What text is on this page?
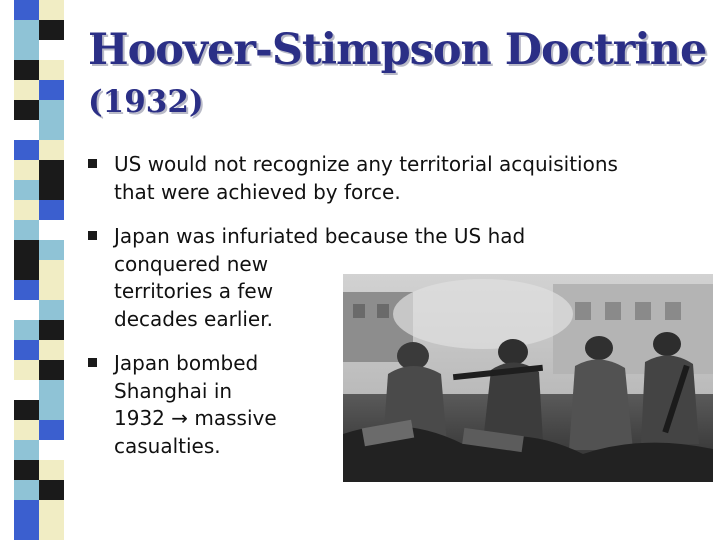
Hoover-Stimpson Doctrine
(1932)

US would not recognize any territorial acquisitions
that were achieved by force.

Japan was infuriated because the US had
conquered new
territories a few
decades earlier.

Japan bombed
Shanghai in
1932 → massive
casualties.
